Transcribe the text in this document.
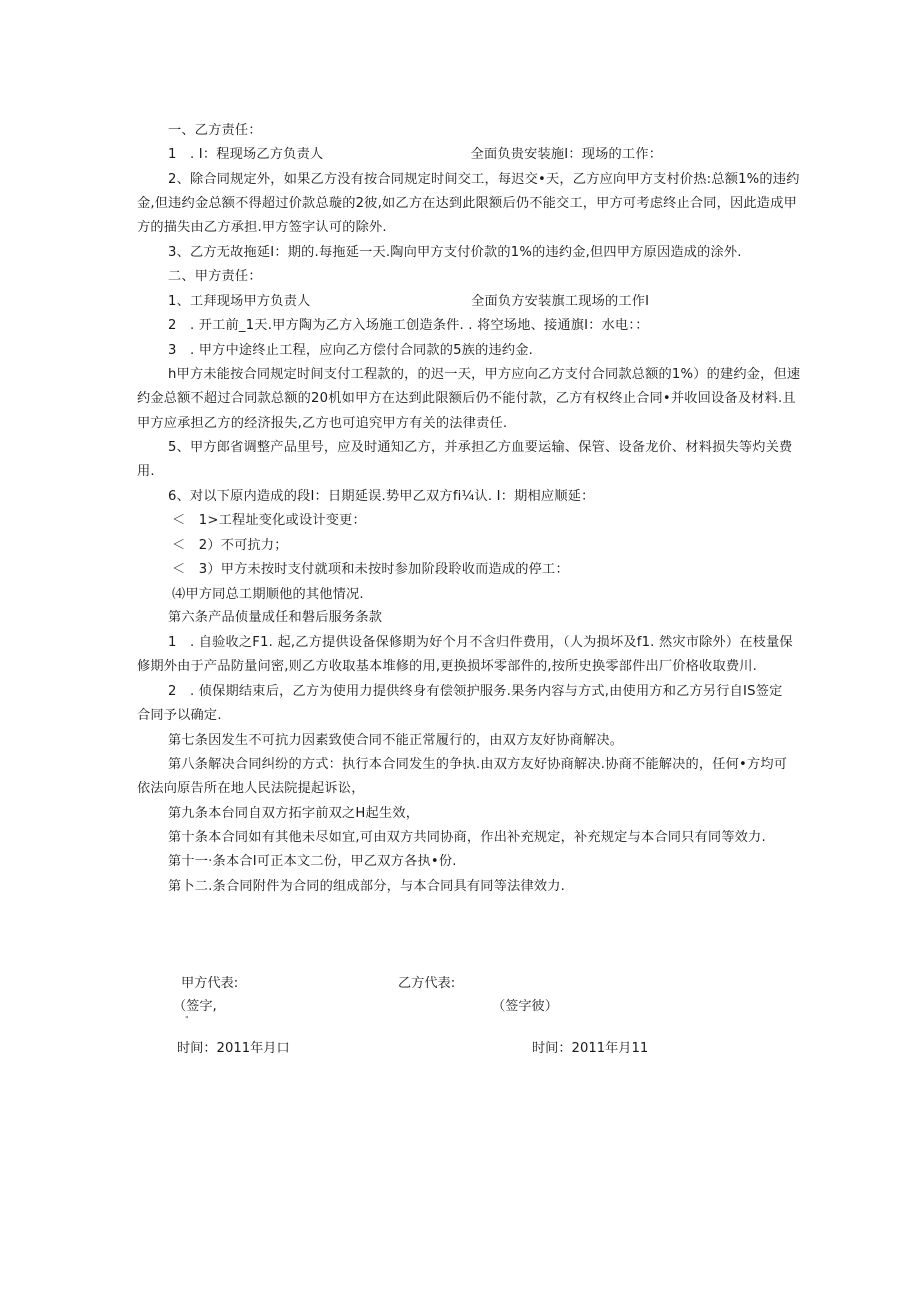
一、乙方责任：
1　. I：程现场乙方负责人　　　　　　　　　　　全面负贵安装施I：现场的工作：
2、除合同规定外，如果乙方没有按合同规定时间交工，每迟交•天，乙方应向甲方支村价热:总额1%的违约
金,但违约金总额不得超过价款总璇的2彼,如乙方在达到此限额后仍不能交工，甲方可考虑终止合同，因此造成甲
方的描失由乙方承担.甲方签字认可的除外.
3、乙方无故拖延I：期的.每拖延一天.陶向甲方支付价款的1%的违约金,但四甲方原因造成的涂外.
二、甲方责任：
1、工拜现场甲方负责人　　　　　　　　　　　　全面负方安装旗工现场的工作I
2　. 开工前_1天.甲方陶为乙方入场施工创造条件. . 将空场地、接通旗I：水电：：
3　. 甲方中途终止工程，应向乙方偿付合同款的5族的违约金.
h甲方未能按合同规定时间支付工程款的，的迟一天，甲方应向乙方支付合同款总额的1%）的建约金，但速
约金总额不超过合同款总额的20机如甲方在达到此限额后仍不能付款，乙方有权终止合同•并收回设备及材料.且
甲方应承担乙方的经济报失,乙方也可追究甲方有关的法律责任.
5、甲方郎省调整产品里号，应及时通知乙方，并承担乙方血要运输、保管、设备龙价、材料损失等灼关费
用.
6、对以下原内造成的段I：日期延误.势甲乙双方fi¼认. I：期相应顺延：
＜　1>工程址变化或设计变更：
＜　2）不可抗力；
＜　3）甲方未按时支付就项和未按时参加阶段聆收而造成的停工：
⑷甲方同总工期顺他的其他情况.
第六条产品侦量成任和磐后服务条款
1　. 自验收之F1. 起,乙方提供设备保修期为好个月不含归件费用，（人为损坏及f1. 然灾市除外）在枝量保
修期外由于产品防量问密,则乙方收取基本堆修的用,更换损坏零部件的,按所史换零部件出厂价格收取费川.
2　. 侦保期结束后，乙方为使用力提供终身有偿领护服务.果务内容与方式,由使用方和乙方另行自IS签定
合同予以确定.
第七条因发生不可抗力因素致使合同不能正常履行的，由双方友好协商解决。
第八条解决合同纠纷的方式：执行本合同发生的争执.由双方友好协商解决.协商不能解决的，任何•方均可
依法向原告所在地人民法院提起诉讼，
第九条本台同自双方拓字前双之H起生效，
第十条本合同如有其他未尽如宜,可由双方共同协商，作出补充规定，补充规定与本合同只有同等效力.
第十一·条本合I可正本文二份，甲乙双方各执•份.
第卜二.条合同附件为合同的组成部分，与本合同具有同等法律效力.
甲方代表:	乙方代表:
（签字,	（签字彼）
"
时间：2011年月口	时间：2011年月11
